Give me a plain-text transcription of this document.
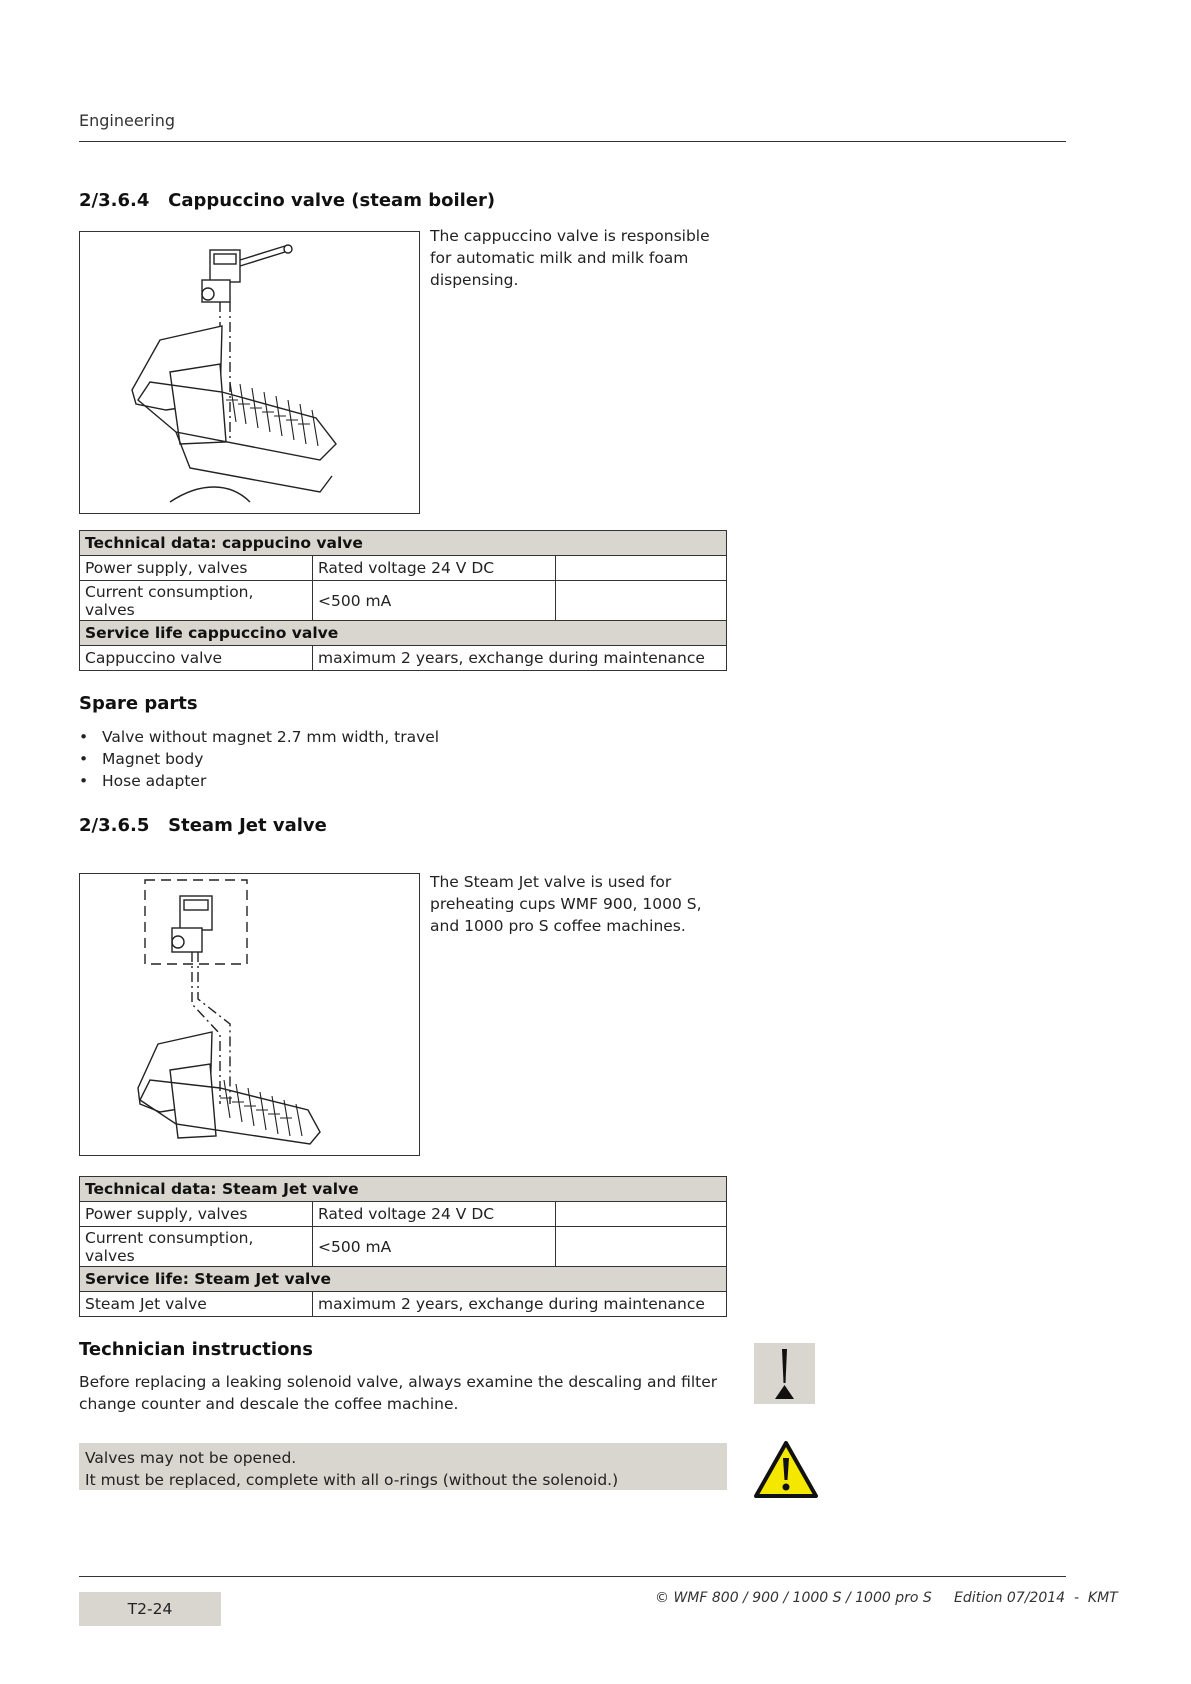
Engineering
2/3.6.4   Cappuccino valve (steam boiler)
The cappuccino valve is responsible for automatic milk and milk foam dispensing.
Technical data: cappucino valve		
Power supply, valves	Rated voltage 24 V DC	
Current consumption, valves	<500 mA	
Service life cappuccino valve
Cappuccino valve	maximum 2 years, exchange during maintenance
Spare parts
• Valve without magnet 2.7 mm width, travel
• Magnet body
• Hose adapter
2/3.6.5   Steam Jet valve
The Steam Jet valve is used for preheating cups WMF 900, 1000 S, and 1000 pro S coffee machines.
Technical data: Steam Jet valve		
Power supply, valves	Rated voltage 24 V DC	
Current consumption, valves	<500 mA	
Service life: Steam Jet valve
Steam Jet valve	maximum 2 years, exchange during maintenance
Technician instructions
Before replacing a leaking solenoid valve, always examine the descaling and filter change counter and descale the coffee machine.
Valves may not be opened.
It must be replaced, complete with all o-rings (without the solenoid.)
T2-24
© WMF 800 / 900 / 1000 S / 1000 pro S     Edition 07/2014  -  KMT
